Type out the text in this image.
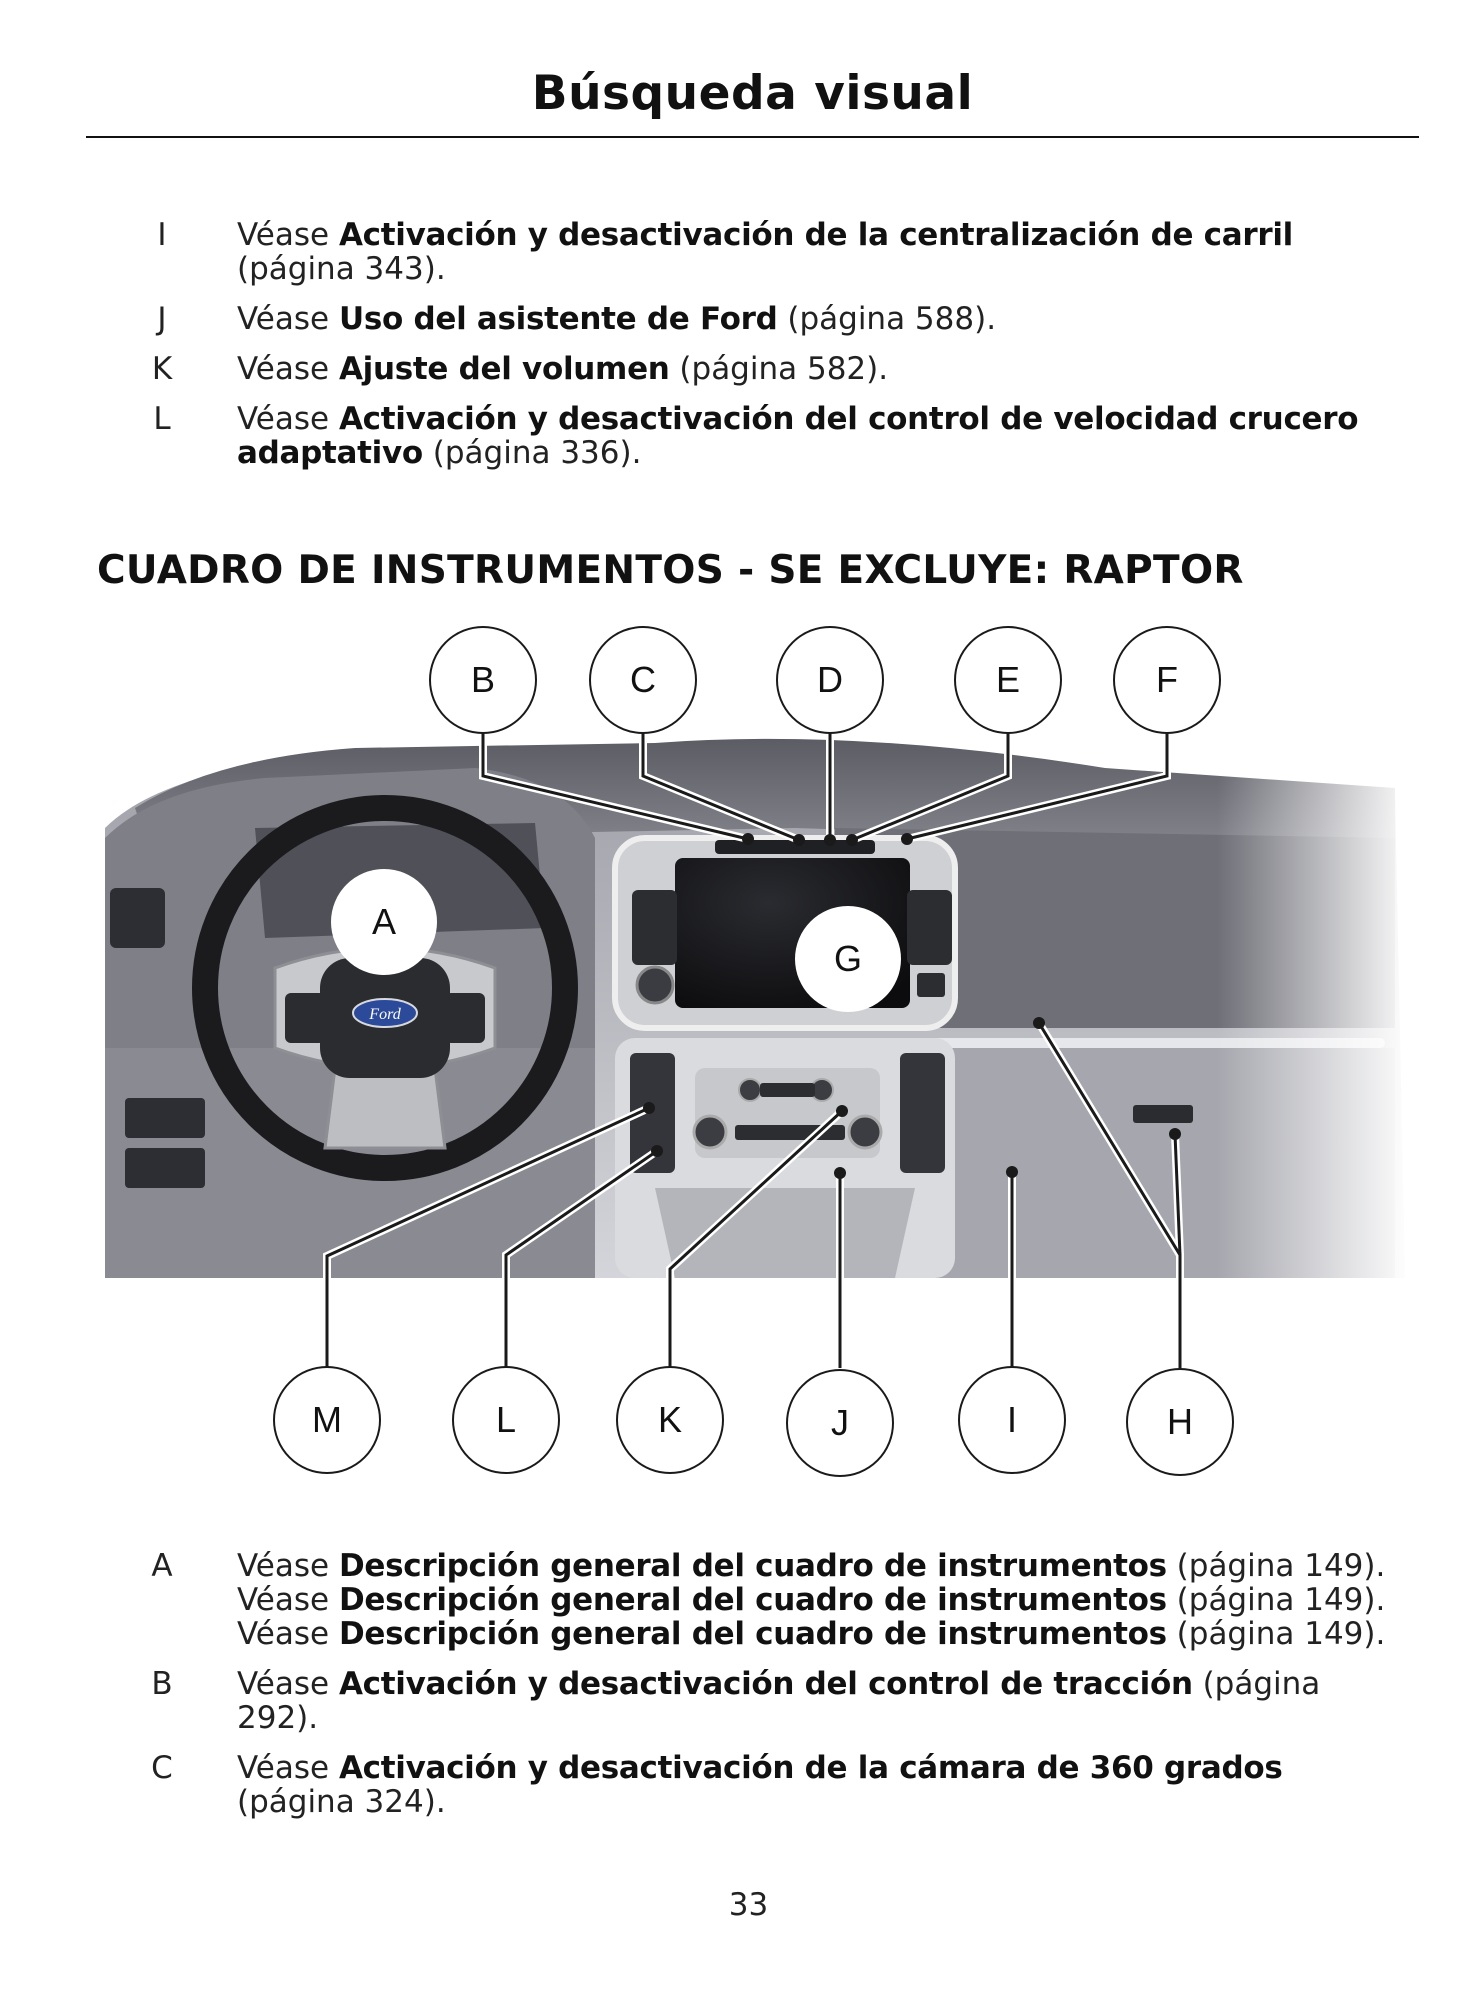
Búsqueda visual
I	Véase Activación y desactivación de la centralización de carril (página 343).
J	Véase Uso del asistente de Ford (página 588).
K	Véase Ajuste del volumen (página 582).
L	Véase Activación y desactivación del control de velocidad crucero adaptativo (página 336).
CUADRO DE INSTRUMENTOS - SE EXCLUYE: RAPTOR
B	C	D	E	F
A
G
M	L	K	J	I	H
A	Véase Descripción general del cuadro de instrumentos (página 149). Véase Descripción general del cuadro de instrumentos (página 149). Véase Descripción general del cuadro de instrumentos (página 149).
B	Véase Activación y desactivación del control de tracción (página 292).
C	Véase Activación y desactivación de la cámara de 360 grados (página 324).
33
